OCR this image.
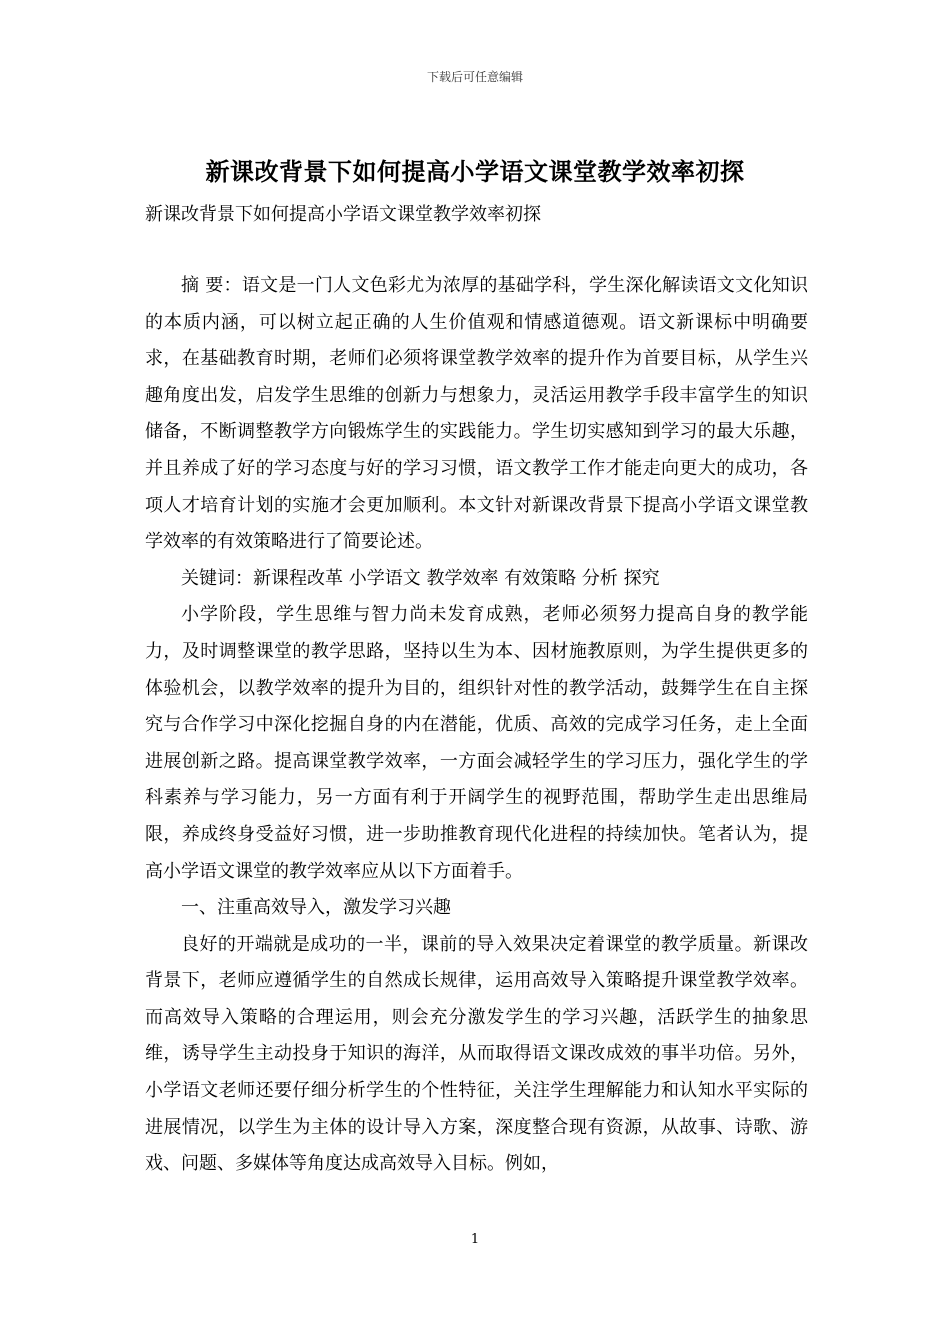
下载后可任意编辑
新课改背景下如何提高小学语文课堂教学效率初探
新课改背景下如何提高小学语文课堂教学效率初探

摘 要：语文是一门人文色彩尤为浓厚的基础学科，学生深化解读语文文化知识的本质内涵，可以树立起正确的人生价值观和情感道德观。语文新课标中明确要求，在基础教育时期，老师们必须将课堂教学效率的提升作为首要目标，从学生兴趣角度出发，启发学生思维的创新力与想象力，灵活运用教学手段丰富学生的知识储备，不断调整教学方向锻炼学生的实践能力。学生切实感知到学习的最大乐趣，并且养成了好的学习态度与好的学习习惯，语文教学工作才能走向更大的成功，各项人才培育计划的实施才会更加顺利。本文针对新课改背景下提高小学语文课堂教学效率的有效策略进行了简要论述。

关键词：新课程改革 小学语文 教学效率 有效策略 分析 探究

小学阶段，学生思维与智力尚未发育成熟，老师必须努力提高自身的教学能力，及时调整课堂的教学思路，坚持以生为本、因材施教原则，为学生提供更多的体验机会，以教学效率的提升为目的，组织针对性的教学活动，鼓舞学生在自主探究与合作学习中深化挖掘自身的内在潜能，优质、高效的完成学习任务，走上全面进展创新之路。提高课堂教学效率，一方面会减轻学生的学习压力，强化学生的学科素养与学习能力，另一方面有利于开阔学生的视野范围，帮助学生走出思维局限，养成终身受益好习惯，进一步助推教育现代化进程的持续加快。笔者认为，提高小学语文课堂的教学效率应从以下方面着手。

一、注重高效导入，激发学习兴趣

良好的开端就是成功的一半，课前的导入效果决定着课堂的教学质量。新课改背景下，老师应遵循学生的自然成长规律，运用高效导入策略提升课堂教学效率。而高效导入策略的合理运用，则会充分激发学生的学习兴趣，活跃学生的抽象思维，诱导学生主动投身于知识的海洋，从而取得语文课改成效的事半功倍。另外，小学语文老师还要仔细分析学生的个性特征，关注学生理解能力和认知水平实际的进展情况，以学生为主体的设计导入方案，深度整合现有资源，从故事、诗歌、游戏、问题、多媒体等角度达成高效导入目标。例如，

1
